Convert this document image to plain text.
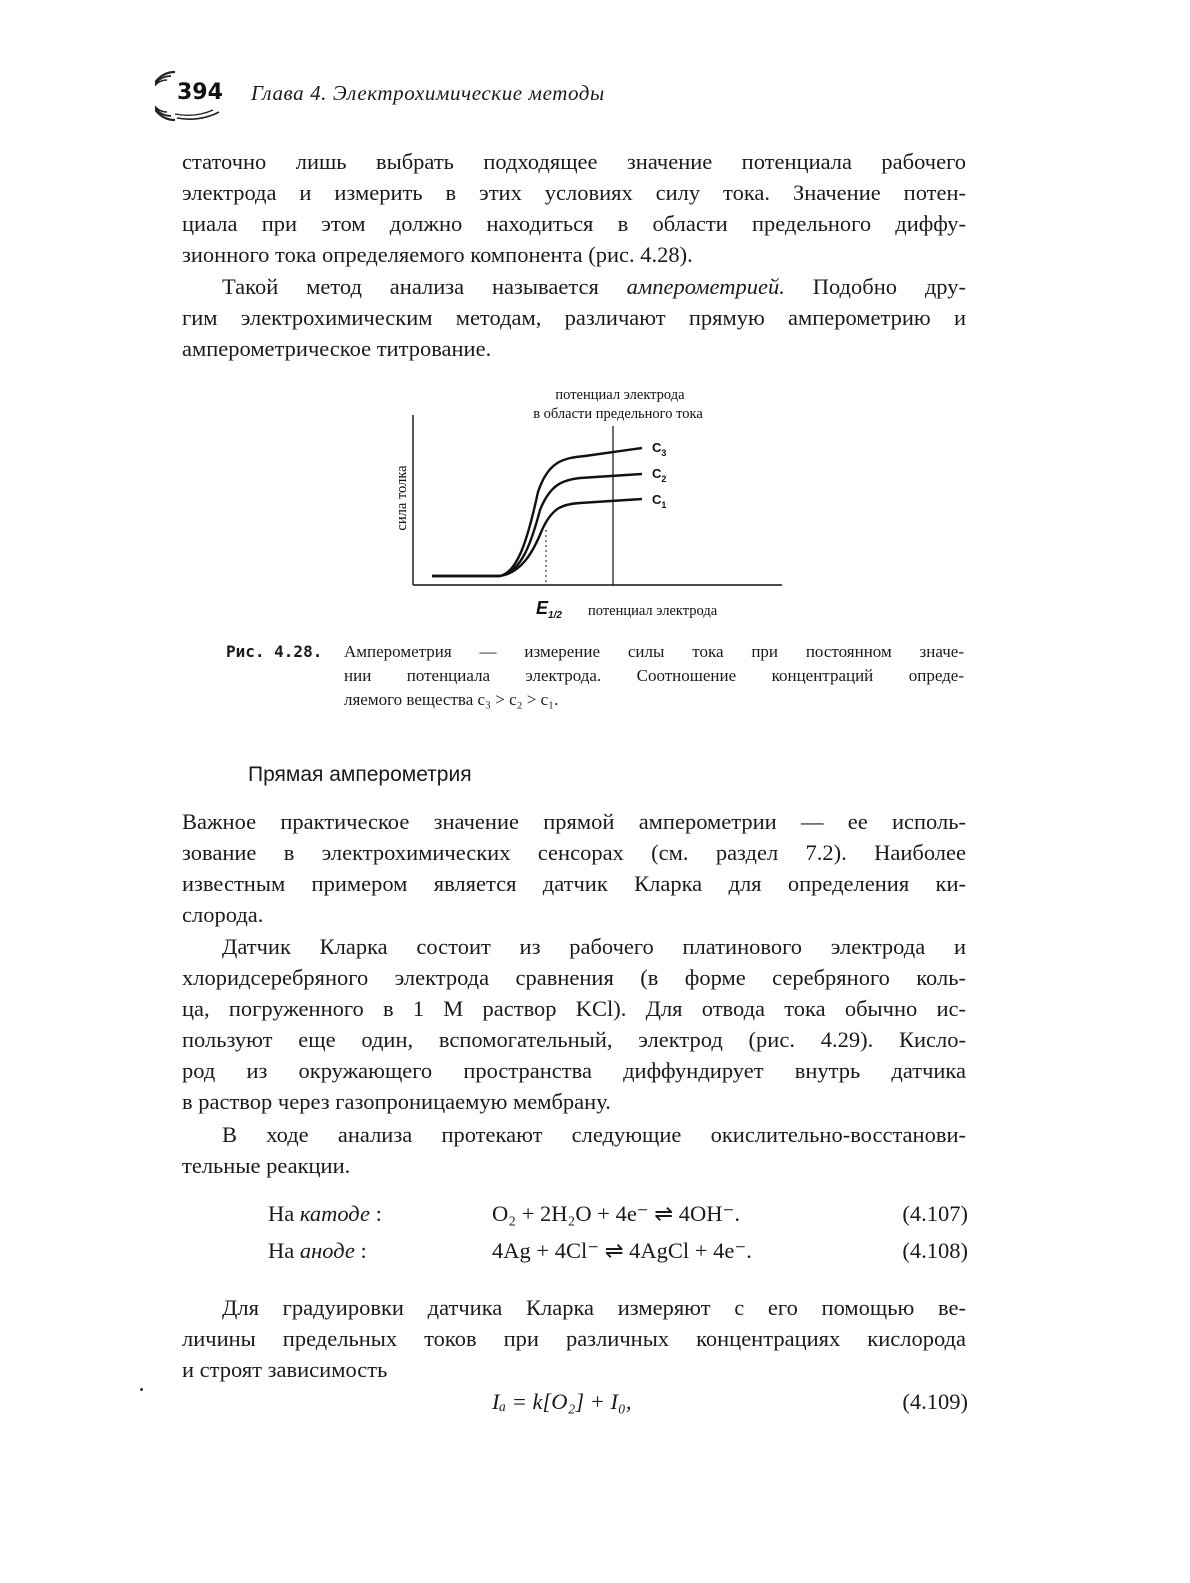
394 Глава 4. Электрохимические методы

статочно лишь выбрать подходящее значение потенциала рабочего
электрода и измерить в этих условиях силу тока. Значение потен-
циала при этом должно находиться в области предельного диффу-
зионного тока определяемого компонента (рис. 4.28).

Такой метод анализа называется амперометрией. Подобно дру-
гим электрохимическим методам, различают прямую амперометрию и
амперометрическое титрование.

потенциал электрода
в области предельного тока
сила толка
$C_3$
$C_2$
$C_1$
$E_{1/2}$ потенциал электрода
Рис. 4.28. Амперометрия — измерение силы тока при постоянном значе-
нии потенциала электрода. Соотношение концентраций опреде-
ляемого вещества c₃ > c₂ > c₁.
Прямая амперометрия

Важное практическое значение прямой амперометрии — ее исполь-
зование в электрохимических сенсорах (см. раздел 7.2). Наиболее
известным примером является датчик Кларка для определения ки-
слорода.

Датчик Кларка состоит из рабочего платинового электрода и
хлоридсеребряного электрода сравнения (в форме серебряного коль-
ца, погруженного в 1 М раствор KCl). Для отвода тока обычно ис-
пользуют еще один, вспомогательный, электрод (рис. 4.29). Кисло-
род из окружающего пространства диффундирует внутрь датчика
в раствор через газопроницаемую мембрану.

В ходе анализа протекают следующие окислительно-восстанови-
тельные реакции.

На катоде :	O₂ + 2H₂O + 4e⁻ ⇌ 4OH⁻.	(4.107)
На аноде :	4Ag + 4Cl⁻ ⇌ 4AgCl + 4e⁻.	(4.108)

Для градуировки датчика Кларка измеряют с его помощью ве-
личины предельных токов при различных концентрациях кислорода
и строят зависимость

Iₐ = k[O₂] + I₀,	(4.109)
